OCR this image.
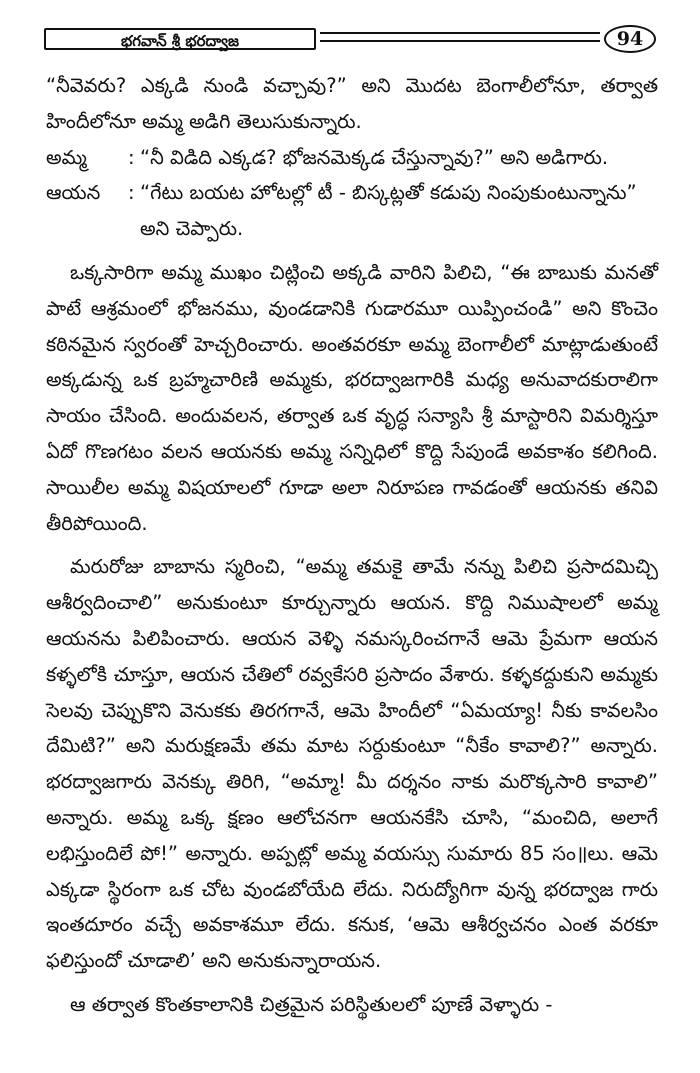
భగవాన్ శ్రీ భరద్వాజ	94

“నీవెవరు? ఎక్కడి నుండి వచ్చావు?” అని మొదట బెంగాలీలోనూ, తర్వాత హిందీలోనూ అమ్మ అడిగి తెలుసుకున్నారు.

అమ్మ	: “నీ విడిది ఎక్కడ? భోజనమెక్కడ చేస్తున్నావు?” అని అడిగారు.
ఆయన	: “గేటు బయట హోటల్లో టీ - బిస్కట్లతో కడుపు నింపుకుంటున్నాను”

అని చెప్పారు.

ఒక్కసారిగా అమ్మ ముఖం చిట్లించి అక్కడి వారిని పిలిచి, “ఈ బాబుకు మనతో పాటే ఆశ్రమంలో భోజనము, వుండడానికి గుడారమూ యిప్పించండి” అని కొంచెం కఠినమైన స్వరంతో హెచ్చరించారు. అంతవరకూ అమ్మ బెంగాలీలో మాట్లాడుతుంటే అక్కడున్న ఒక బ్రహ్మచారిణి అమ్మకు, భరద్వాజగారికి మధ్య అనువాదకురాలిగా సాయం చేసింది. అందువలన, తర్వాత ఒక వృద్ధ సన్యాసి శ్రీ మాస్టారిని విమర్శిస్తూ ఏదో గొణగటం వలన ఆయనకు అమ్మ సన్నిధిలో కొద్ది సేపుండే అవకాశం కలిగింది. సాయిలీల అమ్మ విషయాలలో గూడా అలా నిరూపణ గావడంతో ఆయనకు తనివి తీరిపోయింది.

మరురోజు బాబాను స్మరించి, “అమ్మ తమకై తామే నన్ను పిలిచి ప్రసాదమిచ్చి ఆశీర్వదించాలి” అనుకుంటూ కూర్చున్నారు ఆయన. కొద్ది నిముషాలలో అమ్మ ఆయనను పిలిపించారు. ఆయన వెళ్ళి నమస్కరించగానే ఆమె ప్రేమగా ఆయన కళ్ళలోకి చూస్తూ, ఆయన చేతిలో రవ్వకేసరి ప్రసాదం వేశారు. కళ్ళకద్దుకుని అమ్మకు సెలవు చెప్పుకొని వెనుకకు తిరగగానే, ఆమె హిందీలో “ఏమయ్యా! నీకు కావలసిం దేమిటి?” అని మరుక్షణమే తమ మాట సర్దుకుంటూ “నీకేం కావాలి?” అన్నారు. భరద్వాజగారు వెనక్కు తిరిగి, “అమ్మా! మీ దర్శనం నాకు మరొక్కసారి కావాలి” అన్నారు. అమ్మ ఒక్క క్షణం ఆలోచనగా ఆయనకేసి చూసి, “మంచిది, అలాగే లభిస్తుందిలే పో!” అన్నారు. అప్పట్లో అమ్మ వయస్సు సుమారు 85 సం॥లు. ఆమె ఎక్కడా స్థిరంగా ఒక చోట వుండబోయేది లేదు. నిరుద్యోగిగా వున్న భరద్వాజ గారు ఇంతదూరం వచ్చే అవకాశమూ లేదు. కనుక, ‘ఆమె ఆశీర్వచనం ఎంత వరకూ ఫలిస్తుందో చూడాలి’ అని అనుకున్నారాయన.

ఆ తర్వాత కొంతకాలానికి చిత్రమైన పరిస్థితులలో పూణే వెళ్ళారు -
